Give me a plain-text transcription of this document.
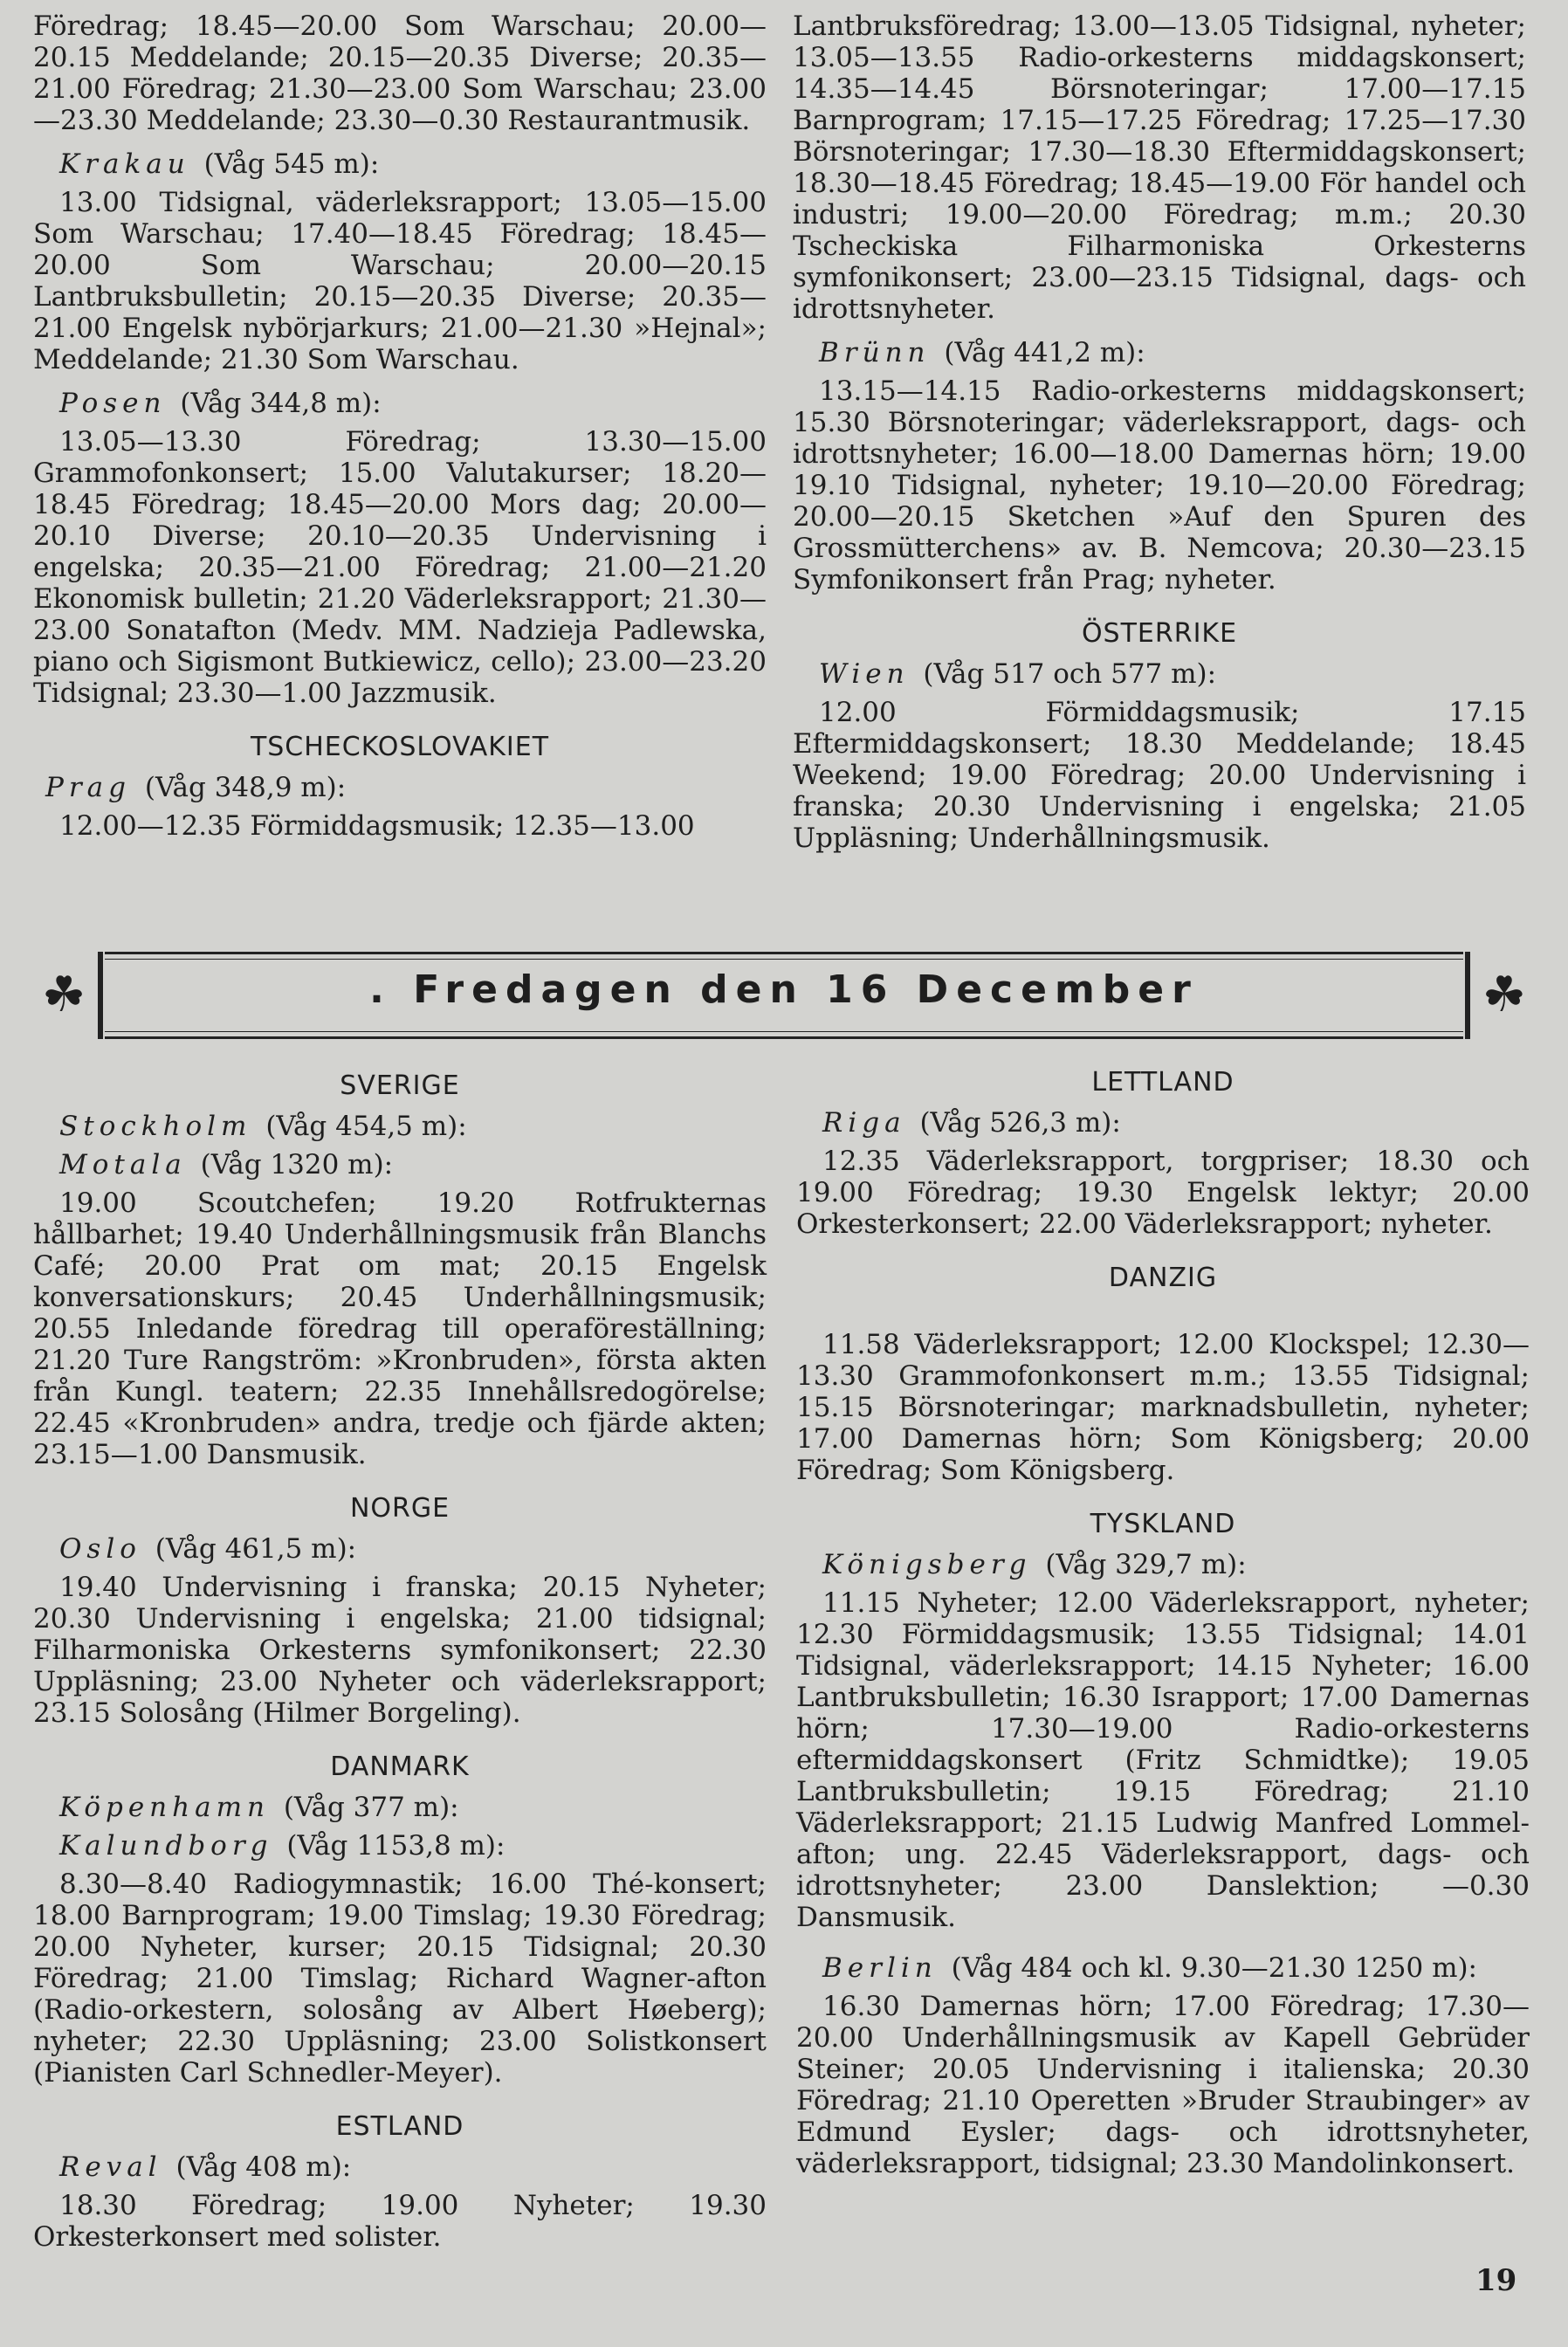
Föredrag; 18.45—20.00 Som Warschau; 20.00—20.15 Meddelande; 20.15—20.35 Diverse; 20.35—21.00 Föredrag; 21.30—23.00 Som Warschau; 23.00—23.30 Meddelande; 23.30—0.30 Restaurantmusik.

Krakau (Våg 545 m):

13.00 Tidsignal, väderleksrapport; 13.05—15.00 Som Warschau; 17.40—18.45 Föredrag; 18.45—20.00 Som Warschau; 20.00—20.15 Lantbruksbulletin; 20.15—20.35 Diverse; 20.35—21.00 Engelsk nybörjarkurs; 21.00—21.30 »Hejnal»; Meddelande; 21.30 Som Warschau.

Posen (Våg 344,8 m):

13.05—13.30 Föredrag; 13.30—15.00 Grammofonkonsert; 15.00 Valutakurser; 18.20—18.45 Föredrag; 18.45—20.00 Mors dag; 20.00—20.10 Diverse; 20.10—20.35 Undervisning i engelska; 20.35—21.00 Föredrag; 21.00—21.20 Ekonomisk bulletin; 21.20 Väderleksrapport; 21.30—23.00 Sonatafton (Medv. MM. Nadzieja Padlewska, piano och Sigismont Butkiewicz, cello); 23.00—23.20 Tidsignal; 23.30—1.00 Jazzmusik.

TSCHECKOSLOVAKIET
Prag (Våg 348,9 m):

12.00—12.35 Förmiddagsmusik; 12.35—13.00

Lantbruksföredrag; 13.00—13.05 Tidsignal, nyheter; 13.05—13.55 Radio-orkesterns middagskonsert; 14.35—14.45 Börsnoteringar; 17.00—17.15 Barnprogram; 17.15—17.25 Föredrag; 17.25—17.30 Börsnoteringar; 17.30—18.30 Eftermiddagskonsert; 18.30—18.45 Föredrag; 18.45—19.00 För handel och industri; 19.00—20.00 Föredrag; m.m.; 20.30 Tscheckiska Filharmoniska Orkesterns symfonikonsert; 23.00—23.15 Tidsignal, dags- och idrottsnyheter.

Brünn (Våg 441,2 m):

13.15—14.15 Radio-orkesterns middagskonsert; 15.30 Börsnoteringar; väderleksrapport, dags- och idrottsnyheter; 16.00—18.00 Damernas hörn; 19.00 19.10 Tidsignal, nyheter; 19.10—20.00 Föredrag; 20.00—20.15 Sketchen »Auf den Spuren des Grossmütterchens» av. B. Nemcova; 20.30—23.15 Symfonikonsert från Prag; nyheter.

ÖSTERRIKE
Wien (Våg 517 och 577 m):

12.00 Förmiddagsmusik; 17.15 Eftermiddagskonsert; 18.30 Meddelande; 18.45 Weekend; 19.00 Föredrag; 20.00 Undervisning i franska; 20.30 Undervisning i engelska; 21.05 Uppläsning; Underhållningsmusik.

☘	. Fredagen den 16 December	☘
SVERIGE
Stockholm (Våg 454,5 m):
Motala (Våg 1320 m):

19.00 Scoutchefen; 19.20 Rotfrukternas hållbarhet; 19.40 Underhållningsmusik från Blanchs Café; 20.00 Prat om mat; 20.15 Engelsk konversationskurs; 20.45 Underhållningsmusik; 20.55 Inledande föredrag till operaföreställning; 21.20 Ture Rangström: »Kronbruden», första akten från Kungl. teatern; 22.35 Innehållsredogörelse; 22.45 «Kronbruden» andra, tredje och fjärde akten; 23.15—1.00 Dansmusik.

NORGE
Oslo (Våg 461,5 m):

19.40 Undervisning i franska; 20.15 Nyheter; 20.30 Undervisning i engelska; 21.00 tidsignal; Filharmoniska Orkesterns symfonikonsert; 22.30 Uppläsning; 23.00 Nyheter och väderleksrapport; 23.15 Solosång (Hilmer Borgeling).

DANMARK
Köpenhamn (Våg 377 m):
Kalundborg (Våg 1153,8 m):

8.30—8.40 Radiogymnastik; 16.00 Thé-konsert; 18.00 Barnprogram; 19.00 Timslag; 19.30 Föredrag; 20.00 Nyheter, kurser; 20.15 Tidsignal; 20.30 Föredrag; 21.00 Timslag; Richard Wagner-afton (Radio-orkestern, solosång av Albert Høeberg); nyheter; 22.30 Uppläsning; 23.00 Solistkonsert (Pianisten Carl Schnedler-Meyer).

ESTLAND
Reval (Våg 408 m):

18.30 Föredrag; 19.00 Nyheter; 19.30 Orkesterkonsert med solister.

LETTLAND
Riga (Våg 526,3 m):

12.35 Väderleksrapport, torgpriser; 18.30 och 19.00 Föredrag; 19.30 Engelsk lektyr; 20.00 Orkesterkonsert; 22.00 Väderleksrapport; nyheter.

DANZIG

11.58 Väderleksrapport; 12.00 Klockspel; 12.30—13.30 Grammofonkonsert m.m.; 13.55 Tidsignal; 15.15 Börsnoteringar; marknadsbulletin, nyheter; 17.00 Damernas hörn; Som Königsberg; 20.00 Föredrag; Som Königsberg.

TYSKLAND
Königsberg (Våg 329,7 m):

11.15 Nyheter; 12.00 Väderleksrapport, nyheter; 12.30 Förmiddagsmusik; 13.55 Tidsignal; 14.01 Tidsignal, väderleksrapport; 14.15 Nyheter; 16.00 Lantbruksbulletin; 16.30 Israpport; 17.00 Damernas hörn; 17.30—19.00 Radio-orkesterns eftermiddagskonsert (Fritz Schmidtke); 19.05 Lantbruksbulletin; 19.15 Föredrag; 21.10 Väderleksrapport; 21.15 Ludwig Manfred Lommel-afton; ung. 22.45 Väderleksrapport, dags- och idrottsnyheter; 23.00 Danslektion; —0.30 Dansmusik.

Berlin (Våg 484 och kl. 9.30—21.30 1250 m):

16.30 Damernas hörn; 17.00 Föredrag; 17.30—20.00 Underhållningsmusik av Kapell Gebrüder Steiner; 20.05 Undervisning i italienska; 20.30 Föredrag; 21.10 Operetten »Bruder Straubinger» av Edmund Eysler; dags- och idrottsnyheter, väderleksrapport, tidsignal; 23.30 Mandolinkonsert.

19
